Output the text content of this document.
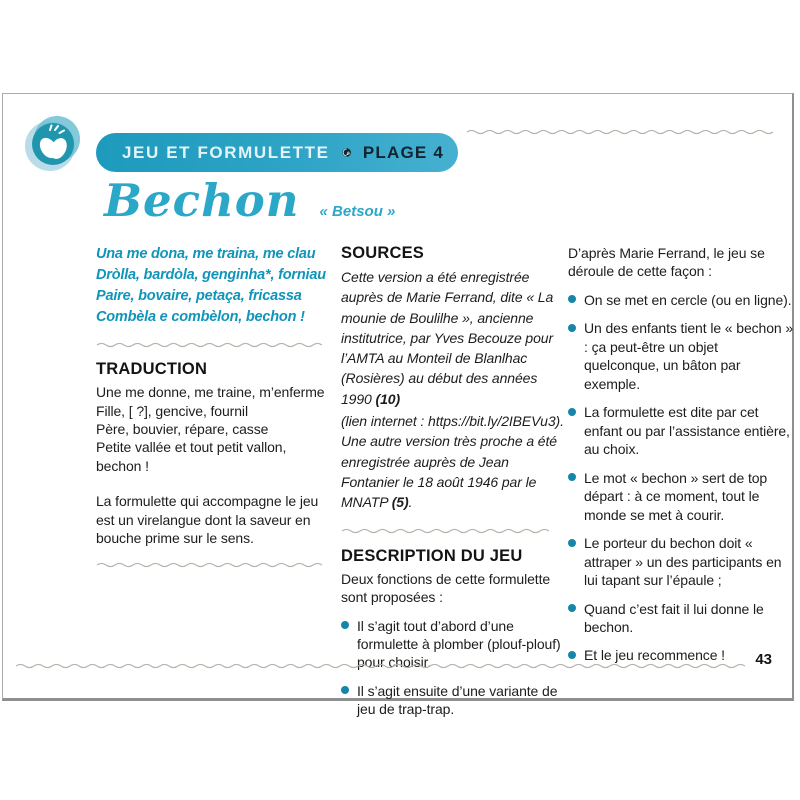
JEU ET FORMULETTE PLAGE 4
Bechon « Betsou »
Una me dona, me traina, me clau
Dròlla, bardòla, genginha*, forniau
Paire, bovaire, petaça, fricassa
Combèla e combèlon, bechon !
TRADUCTION
Une me donne, me traine, m’enferme
Fille, [ ?], gencive, fournil
Père, bouvier, répare, casse
Petite vallée et tout petit vallon,
bechon !

La formulette qui accompagne le jeu est un virelangue dont la saveur en bouche prime sur le sens.

SOURCES

Cette version a été enregistrée auprès de Marie Ferrand, dite « La mounie de Boulilhe », ancienne institutrice, par Yves Becouze pour l’AMTA au Monteil de Blanlhac (Rosières) au début des années 1990 (10)

(lien internet : https://bit.ly/2IBEVu3). Une autre version très proche a été enregistrée auprès de Jean Fontanier le 18 août 1946 par le MNATP (5).

DESCRIPTION DU JEU

Deux fonctions de cette formulette sont proposées :

Il s’agit tout d’abord d’une formulette à plomber (plouf-plouf) pour choisir.
Il s’agit ensuite d’une variante de jeu de trap-trap.

D’après Marie Ferrand, le jeu se déroule de cette façon :

On se met en cercle (ou en ligne).
Un des enfants tient le « bechon » : ça peut-être un objet quelconque, un bâton par exemple.
La formulette est dite par cet enfant ou par l’assistance entière, au choix.
Le mot « bechon » sert de top départ : à ce moment, tout le monde se met à courir.
Le porteur du bechon doit « attraper » un des participants en lui tapant sur l’épaule ;
Quand c’est fait il lui donne le bechon.
Et le jeu recommence !	43
